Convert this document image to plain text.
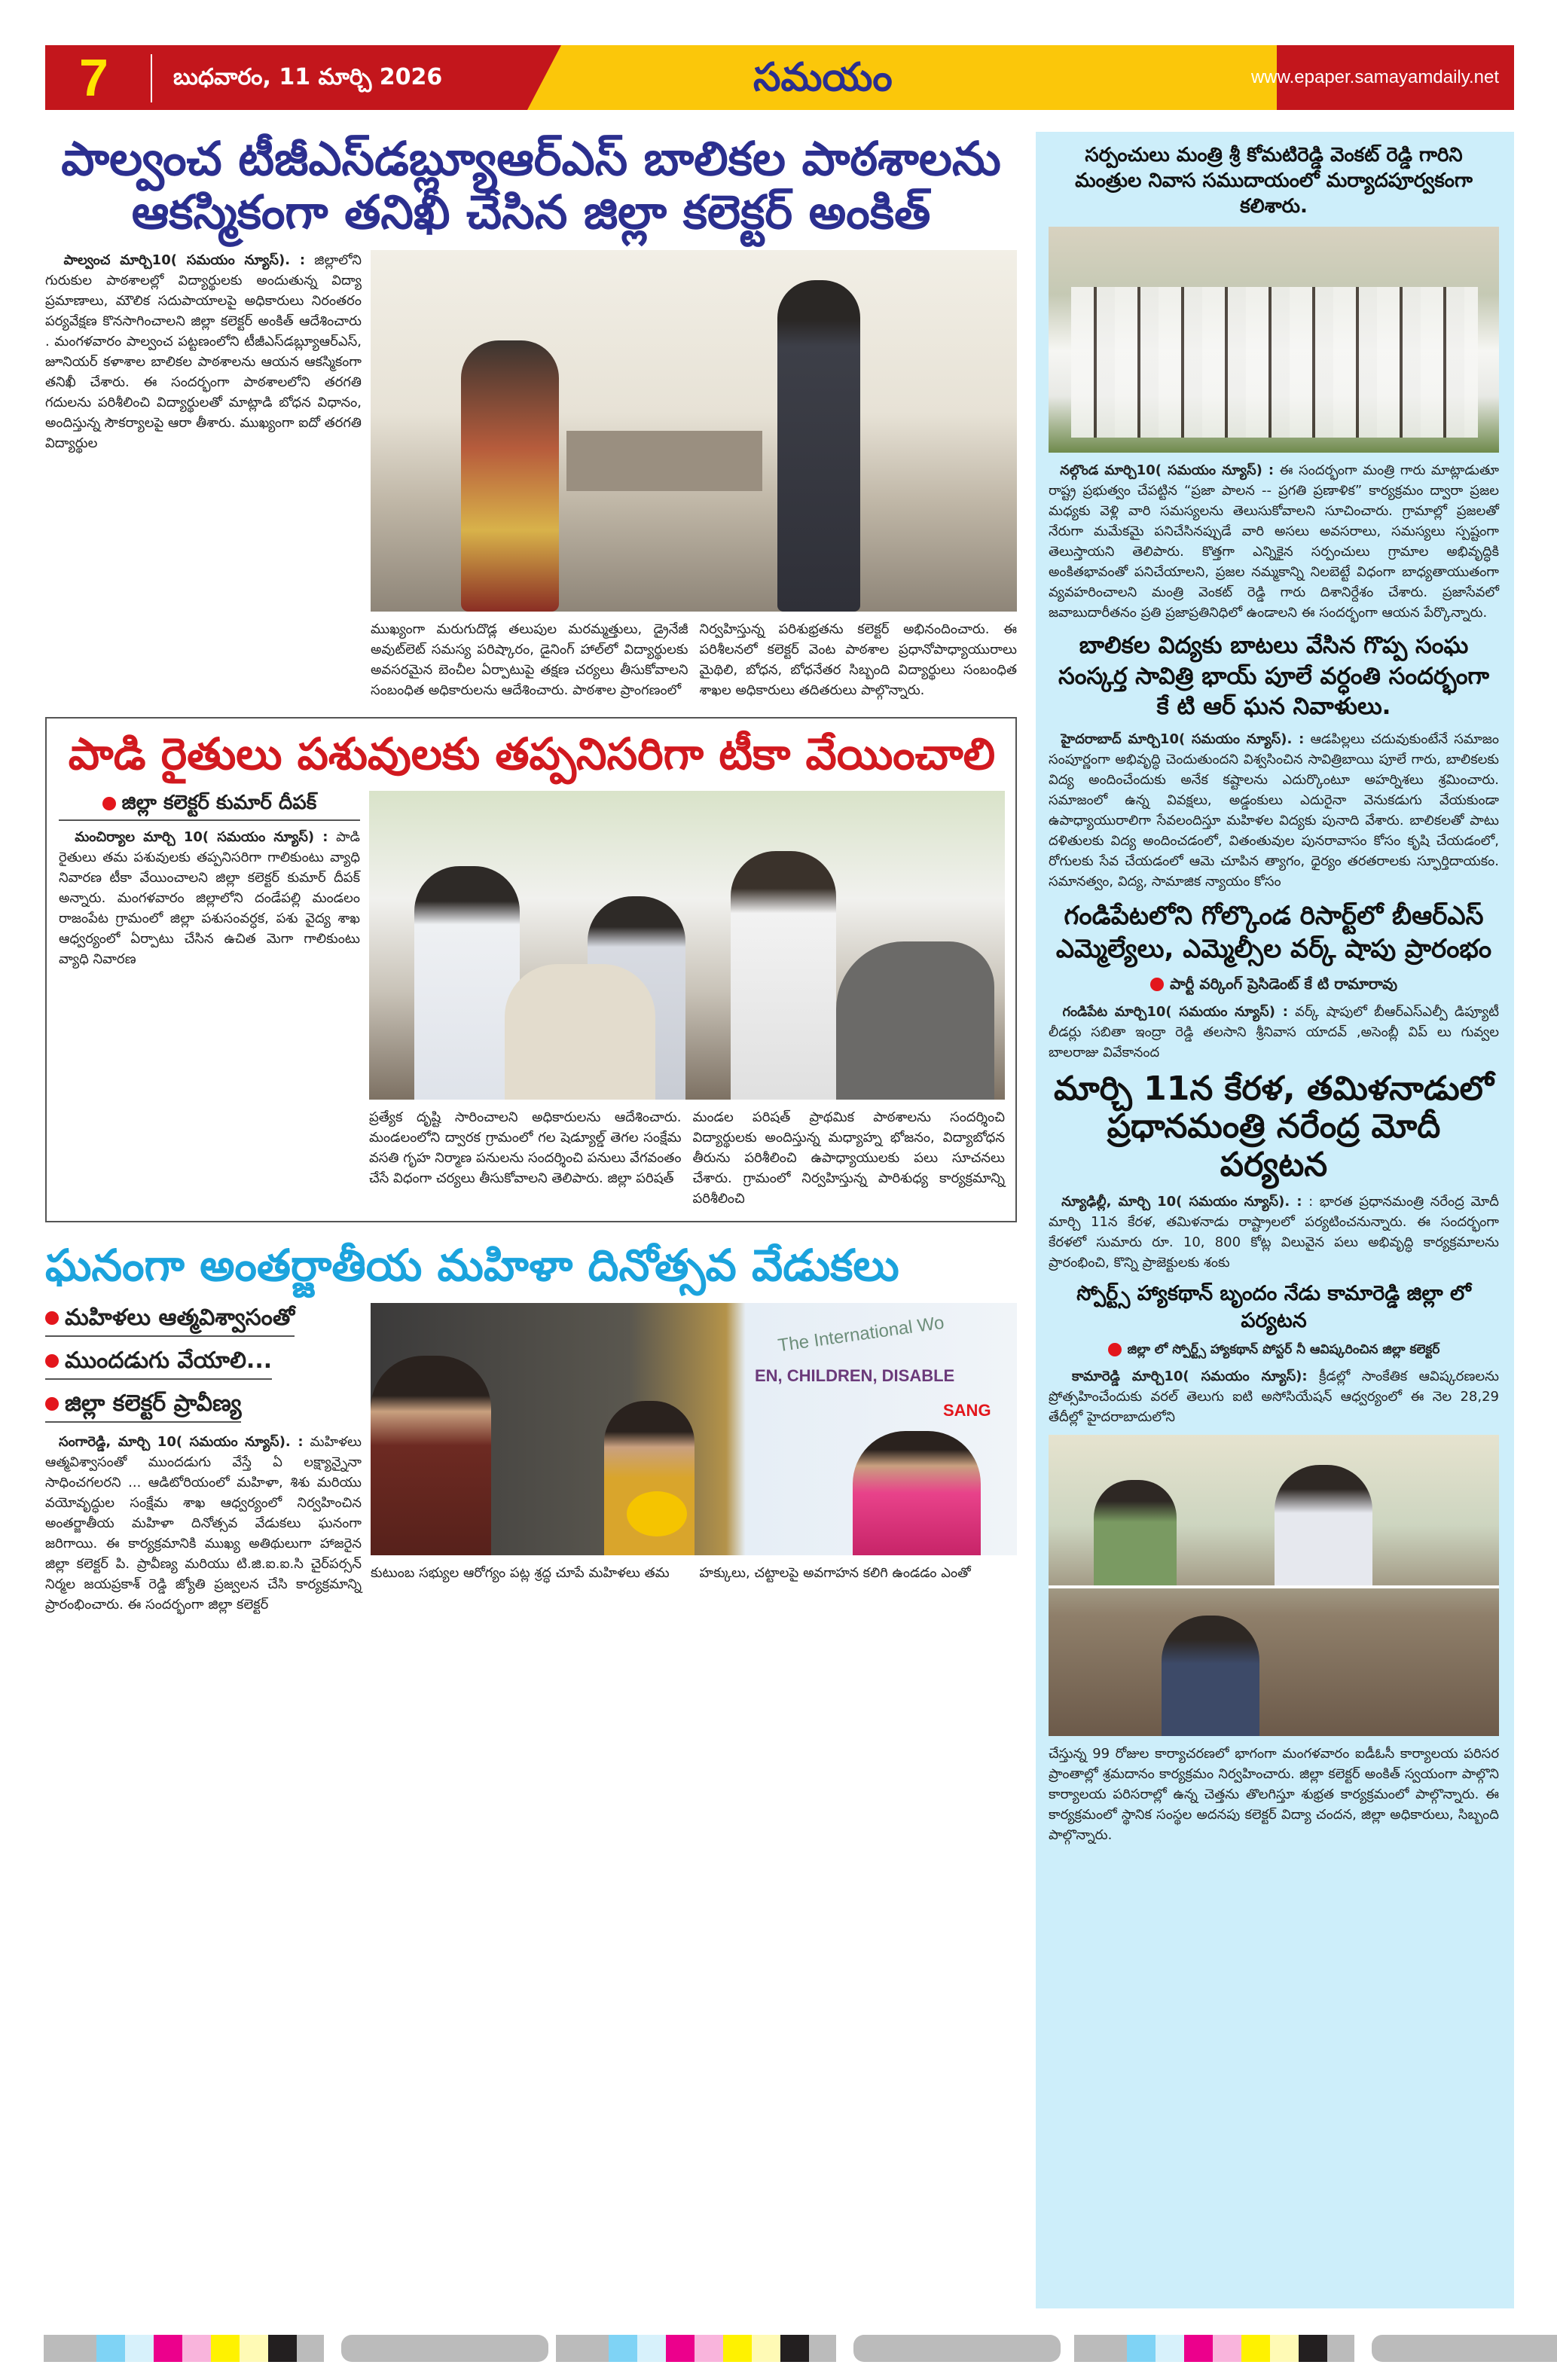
7	బుధవారం, 11 మార్చి 2026	సమయం	www.epaper.samayamdaily.net
పాల్వంచ టీజీఎస్‌డబ్ల్యూఆర్ఎస్ బాలికల పాఠశాలను
ఆకస్మికంగా తనిఖీ చేసిన జిల్లా కలెక్టర్ అంకిత్
పాల్వంచ మార్చి10( సమయం న్యూస్). : జిల్లాలోని గురుకుల పాఠశాలల్లో విద్యార్థులకు అందుతున్న విద్యా ప్రమాణాలు, మౌలిక సదుపాయాలపై అధికారులు నిరంతరం పర్యవేక్షణ కొనసాగించాలని జిల్లా కలెక్టర్ అంకిత్ ఆదేశించారు . మంగళవారం పాల్వంచ పట్టణంలోని టీజీఎస్‌డబ్ల్యూఆర్ఎస్, జూనియర్ కళాశాల బాలికల పాఠశాలను ఆయన ఆకస్మికంగా తనిఖీ చేశారు. ఈ సందర్భంగా పాఠశాలలోని తరగతి గదులను పరిశీలించి విద్యార్థులతో మాట్లాడి బోధన విధానం, అందిస్తున్న సౌకర్యాలపై ఆరా తీశారు. ముఖ్యంగా ఐదో తరగతి విద్యార్థుల
ముఖ్యంగా మరుగుదొడ్ల తలుపుల మరమ్మత్తులు, డ్రైనేజీ అవుట్‌లెట్ సమస్య పరిష్కారం, డైనింగ్ హాల్‌లో విద్యార్థులకు అవసరమైన బెంచీల ఏర్పాటుపై తక్షణ చర్యలు తీసుకోవాలని సంబంధిత అధికారులను ఆదేశించారు. పాఠశాల ప్రాంగణంలో
నిర్వహిస్తున్న పరిశుభ్రతను కలెక్టర్ అభినందించారు. ఈ పరిశీలనలో కలెక్టర్ వెంట పాఠశాల ప్రధానోపాధ్యాయురాలు మైథిలి, బోధన, బోధనేతర సిబ్బంది విద్యార్థులు సంబంధిత శాఖల అధికారులు తదితరులు పాల్గొన్నారు.
పాడి రైతులు పశువులకు తప్పనిసరిగా టీకా వేయించాలి
జిల్లా కలెక్టర్ కుమార్ దీపక్
మంచిర్యాల మార్చి 10( సమయం న్యూస్) : పాడి రైతులు తమ పశువులకు తప్పనిసరిగా గాలికుంటు వ్యాధి నివారణ టీకా వేయించాలని జిల్లా కలెక్టర్ కుమార్ దీపక్ అన్నారు. మంగళవారం జిల్లాలోని దండేపల్లి మండలం రాజంపేట గ్రామంలో జిల్లా పశుసంవర్ధక, పశు వైద్య శాఖ ఆధ్వర్యంలో ఏర్పాటు చేసిన ఉచిత మెగా గాలికుంటు వ్యాధి నివారణ
ప్రత్యేక దృష్టి సారించాలని అధికారులను ఆదేశించారు. మండలంలోని ద్వారక గ్రామంలో గల షెడ్యూల్డ్ తెగల సంక్షేమ వసతి గృహ నిర్మాణ పనులను సందర్శించి పనులు వేగవంతం చేసే విధంగా చర్యలు తీసుకోవాలని తెలిపారు. జిల్లా పరిషత్
మండల పరిషత్ ప్రాథమిక పాఠశాలను సందర్శించి విద్యార్థులకు అందిస్తున్న మధ్యాహ్న భోజనం, విద్యాబోధన తీరును పరిశీలించి ఉపాధ్యాయులకు పలు సూచనలు చేశారు. గ్రామంలో నిర్వహిస్తున్న పారిశుధ్య కార్యక్రమాన్ని పరిశీలించి
ఘనంగా అంతర్జాతీయ మహిళా దినోత్సవ వేడుకలు
మహిళలు ఆత్మవిశ్వాసంతో
ముందడుగు వేయాలి...
జిల్లా కలెక్టర్ ప్రావీణ్య
సంగారెడ్డి, మార్చి 10( సమయం న్యూస్). : మహిళలు ఆత్మవిశ్వాసంతో ముందడుగు వేస్తే ఏ లక్ష్యాన్నైనా సాధించగలరని ... ఆడిటోరియంలో మహిళా, శిశు మరియు వయోవృద్ధుల సంక్షేమ శాఖ ఆధ్వర్యంలో నిర్వహించిన అంతర్జాతీయ మహిళా దినోత్సవ వేడుకలు ఘనంగా జరిగాయి. ఈ కార్యక్రమానికి ముఖ్య అతిథులుగా హాజరైన జిల్లా కలెక్టర్ పి. ప్రావీణ్య మరియు టి.జి.ఐ.ఐ.సి చైర్‌పర్సన్ నిర్మల జయప్రకాశ్ రెడ్డి జ్యోతి ప్రజ్వలన చేసి కార్యక్రమాన్ని ప్రారంభించారు. ఈ సందర్భంగా జిల్లా కలెక్టర్
The International Wo
EN, CHILDREN, DISABLE
SANG
కుటుంబ సభ్యుల ఆరోగ్యం పట్ల శ్రద్ధ చూపే మహిళలు తమ	హక్కులు, చట్టాలపై అవగాహన కలిగి ఉండడం ఎంతో
సర్పంచులు మంత్రి శ్రీ కోమటిరెడ్డి వెంకట్ రెడ్డి గారిని మంత్రుల నివాస సముదాయంలో మర్యాదపూర్వకంగా కలిశారు.
నల్గొండ మార్చి10( సమయం న్యూస్) : ఈ సందర్భంగా మంత్రి గారు మాట్లాడుతూ రాష్ట్ర ప్రభుత్వం చేపట్టిన “ప్రజా పాలన -- ప్రగతి ప్రణాళిక” కార్యక్రమం ద్వారా ప్రజల మధ్యకు వెళ్లి వారి సమస్యలను తెలుసుకోవాలని సూచించారు. గ్రామాల్లో ప్రజలతో నేరుగా మమేకమై పనిచేసినప్పుడే వారి అసలు అవసరాలు, సమస్యలు స్పష్టంగా తెలుస్తాయని తెలిపారు. కొత్తగా ఎన్నికైన సర్పంచులు గ్రామాల అభివృద్ధికి అంకితభావంతో పనిచేయాలని, ప్రజల నమ్మకాన్ని నిలబెట్టే విధంగా బాధ్యతాయుతంగా వ్యవహరించాలని మంత్రి వెంకట్ రెడ్డి గారు దిశానిర్దేశం చేశారు. ప్రజాసేవలో జవాబుదారీతనం ప్రతి ప్రజాప్రతినిధిలో ఉండాలని ఈ సందర్భంగా ఆయన పేర్కొన్నారు.
బాలికల విద్యకు బాటలు వేసిన గొప్ప సంఘ సంస్కర్త సావిత్రి భాయ్ పూలే వర్ధంతి సందర్భంగా కే టి ఆర్ ఘన నివాళులు.
హైదరాబాద్ మార్చి10( సమయం న్యూస్). : ఆడపిల్లలు చదువుకుంటేనే సమాజం సంపూర్ణంగా అభివృద్ధి చెందుతుందని విశ్వసించిన సావిత్రిబాయి పూలే గారు, బాలికలకు విద్య అందించేందుకు అనేక కష్టాలను ఎదుర్కొంటూ అహర్నిశలు శ్రమించారు. సమాజంలో ఉన్న వివక్షలు, అడ్డంకులు ఎదురైనా వెనుకడుగు వేయకుండా ఉపాధ్యాయురాలిగా సేవలందిస్తూ మహిళల విద్యకు పునాది వేశారు. బాలికలతో పాటు దళితులకు విద్య అందించడంలో, వితంతువుల పునరావాసం కోసం కృషి చేయడంలో, రోగులకు సేవ చేయడంలో ఆమె చూపిన త్యాగం, ధైర్యం తరతరాలకు స్ఫూర్తిదాయకం. సమానత్వం, విద్య, సామాజిక న్యాయం కోసం
గండిపేటలోని గోల్కొండ రిసార్ట్‌లో బీఆర్ఎస్ ఎమ్మెల్యేలు, ఎమ్మెల్సీల వర్క్ షాపు ప్రారంభం
పార్టీ వర్కింగ్ ప్రెసిడెంట్ కే టి రామారావు
గండిపేట మార్చి10( సమయం న్యూస్) : వర్క్ షాపులో బీఆర్ఎస్ఎల్పీ డిప్యూటీ లీడర్లు సబితా ఇంద్రా రెడ్డి తలసాని శ్రీనివాస యాదవ్ ,అసెంబ్లీ విప్ లు గువ్వల బాలరాజు వివేకానంద
మార్చి 11న కేరళ, తమిళనాడులో ప్రధానమంత్రి నరేంద్ర మోదీ పర్యటన
న్యూఢిల్లీ, మార్చి 10( సమయం న్యూస్). : : భారత ప్రధానమంత్రి నరేంద్ర మోదీ మార్చి 11న కేరళ, తమిళనాడు రాష్ట్రాలలో పర్యటించనున్నారు. ఈ సందర్భంగా కేరళలో సుమారు రూ. 10, 800 కోట్ల విలువైన పలు అభివృద్ధి కార్యక్రమాలను ప్రారంభించి, కొన్ని ప్రాజెక్టులకు శంకు
స్పోర్ట్స్ హ్యాకథాన్ బృందం నేడు కామారెడ్డి జిల్లా లో పర్యటన
జిల్లా లో స్పోర్ట్స్ హ్యాకథాన్ పోస్టర్ నీ ఆవిష్కరించిన జిల్లా కలెక్టర్
కామారెడ్డి మార్చి10( సమయం న్యూస్): క్రీడల్లో సాంకేతిక ఆవిష్కరణలను ప్రోత్సహించేందుకు వరల్ తెలుగు ఐటి అసోసియేషన్ ఆధ్వర్యంలో ఈ నెల 28,29 తేదీల్లో హైదరాబాదులోని
చేస్తున్న 99 రోజుల కార్యాచరణలో భాగంగా మంగళవారం ఐడీఓసీ కార్యాలయ పరిసర ప్రాంతాల్లో శ్రమదానం కార్యక్రమం నిర్వహించారు. జిల్లా కలెక్టర్ అంకిత్ స్వయంగా పాల్గొని కార్యాలయ పరిసరాల్లో ఉన్న చెత్తను తొలగిస్తూ శుభ్రత కార్యక్రమంలో పాల్గొన్నారు. ఈ కార్యక్రమంలో స్థానిక సంస్థల అదనపు కలెక్టర్ విద్యా చందన, జిల్లా అధికారులు, సిబ్బంది పాల్గొన్నారు.
